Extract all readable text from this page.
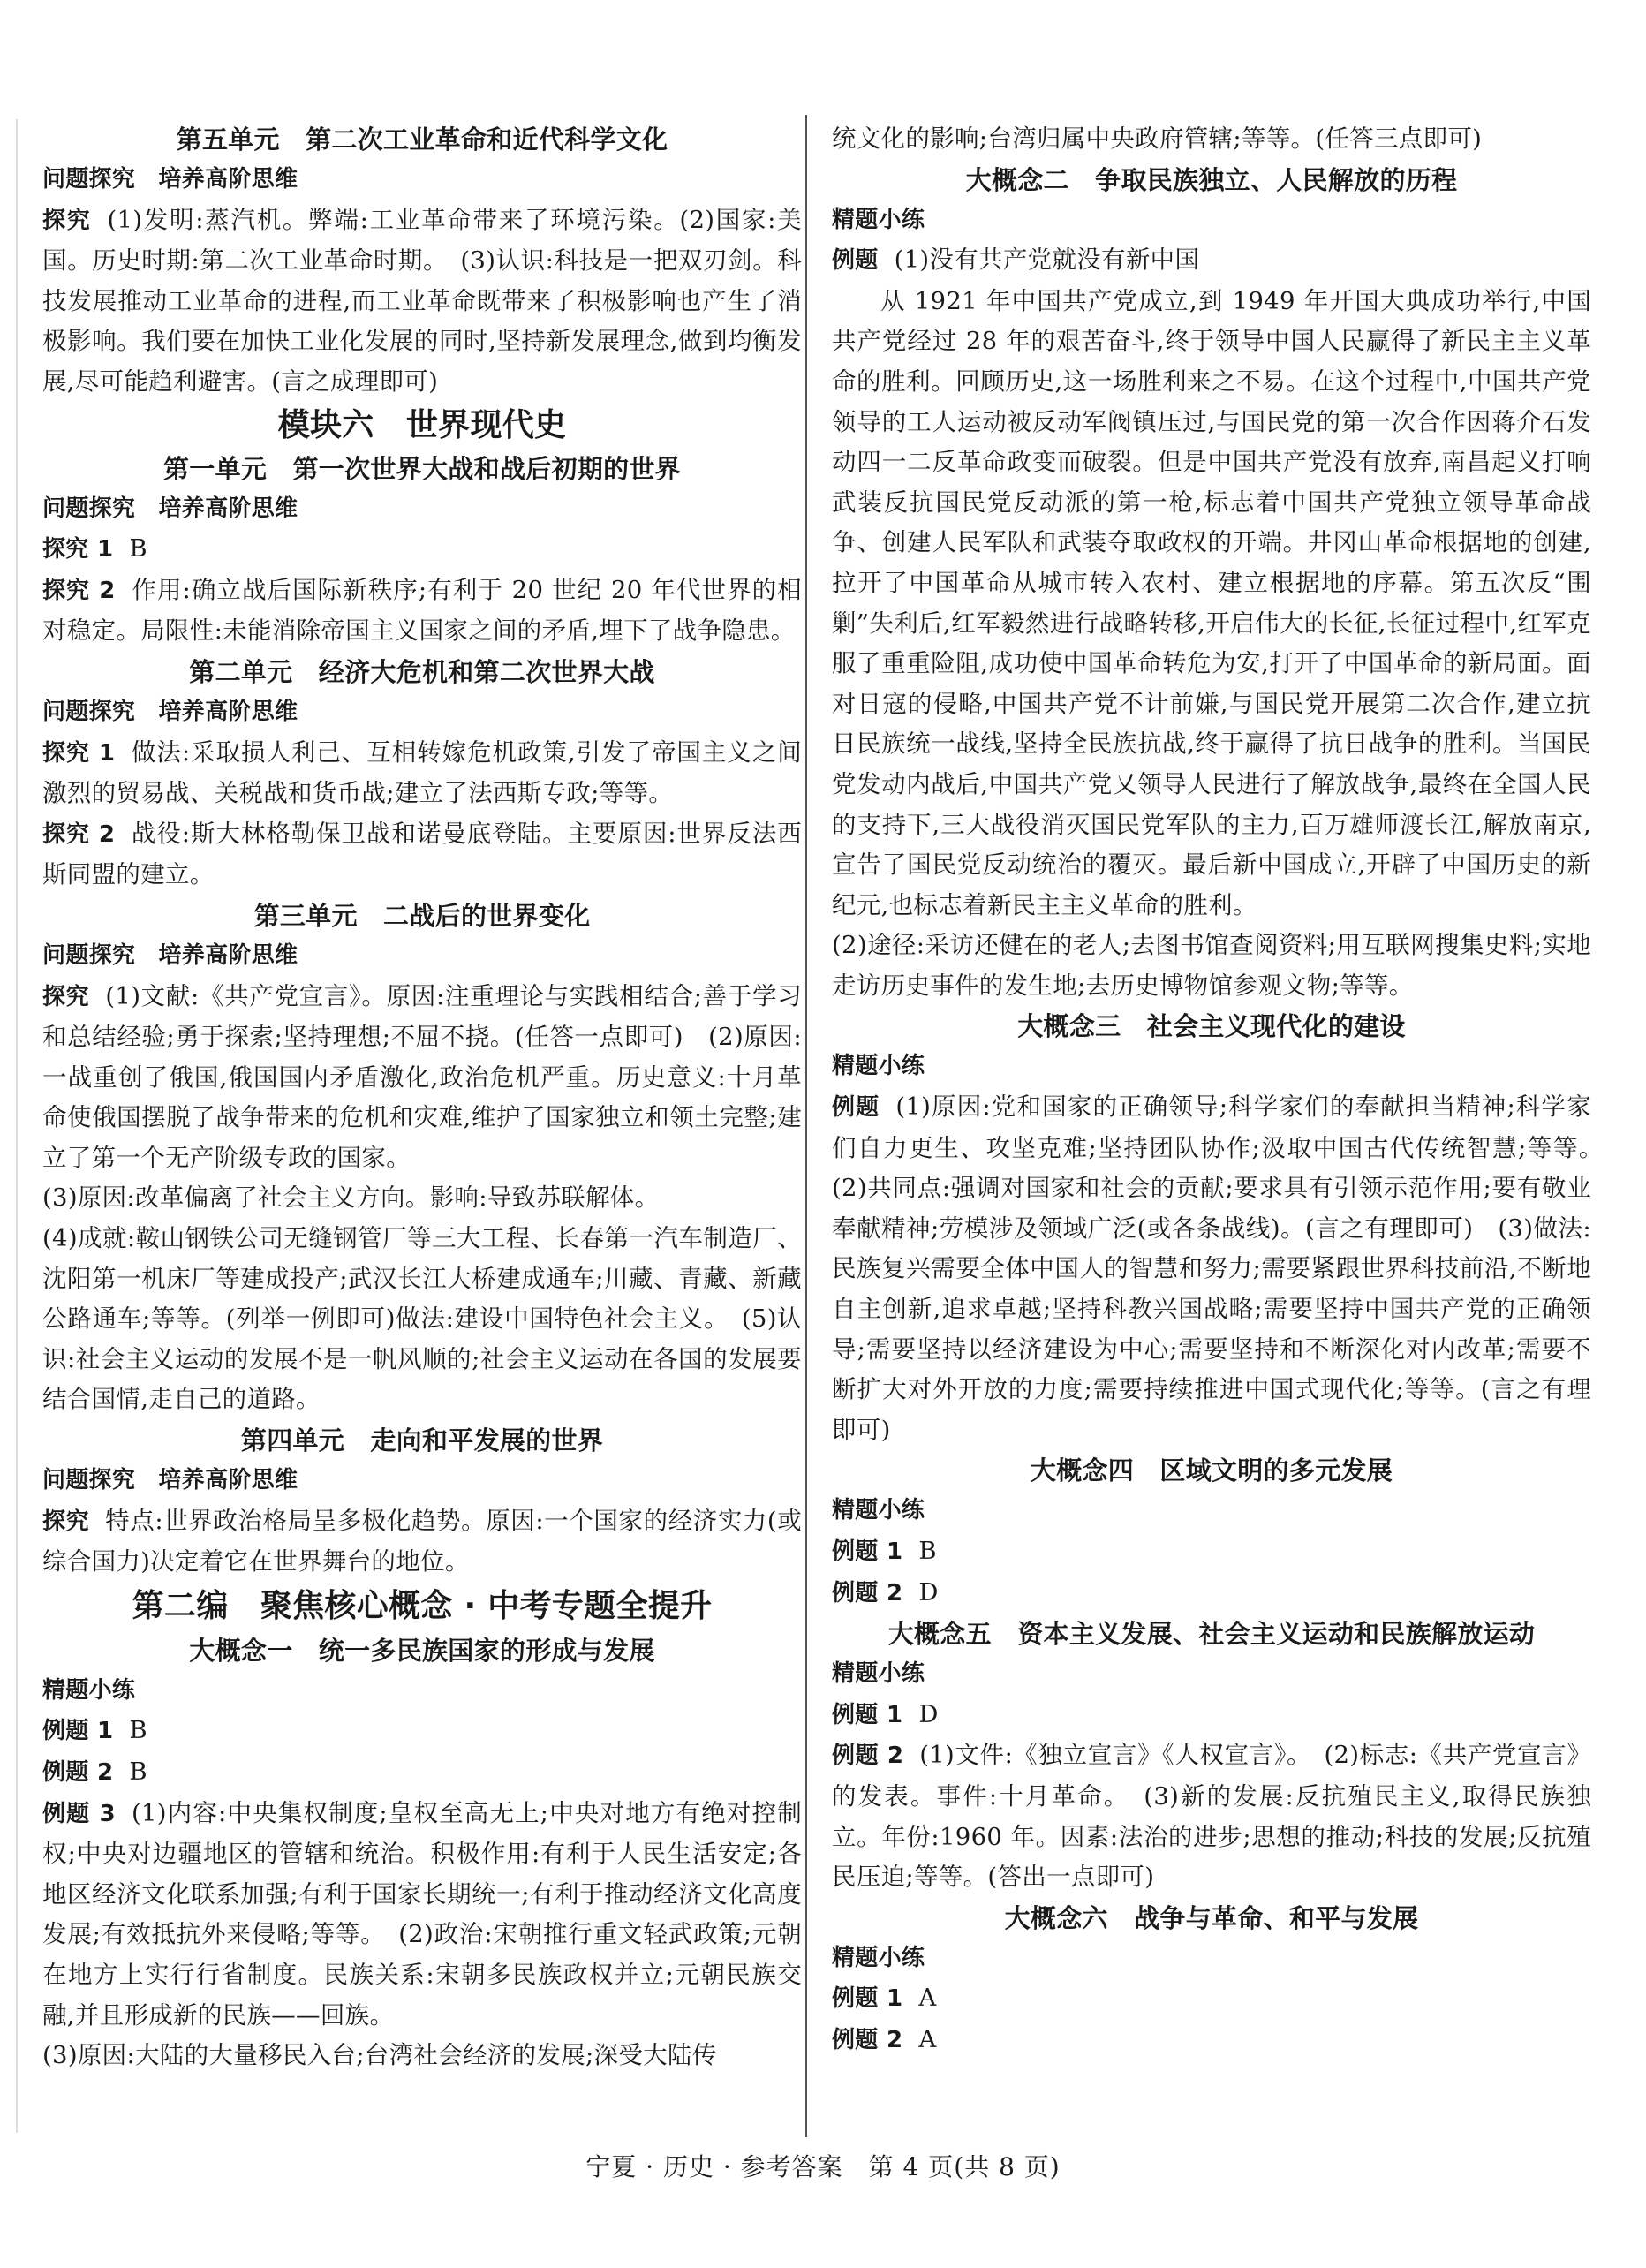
第五单元　第二次工业革命和近代科学文化
问题探究　培养高阶思维

探究 (1)发明:蒸汽机。弊端:工业革命带来了环境污染。(2)国家:美国。历史时期:第二次工业革命时期。　(3)认识:科技是一把双刃剑。科技发展推动工业革命的进程,而工业革命既带来了积极影响也产生了消极影响。我们要在加快工业化发展的同时,坚持新发展理念,做到均衡发展,尽可能趋利避害。(言之成理即可)

模块六　世界现代史
第一单元　第一次世界大战和战后初期的世界
问题探究　培养高阶思维

探究 1 B

探究 2 作用:确立战后国际新秩序;有利于 20 世纪 20 年代世界的相对稳定。局限性:未能消除帝国主义国家之间的矛盾,埋下了战争隐患。

第二单元　经济大危机和第二次世界大战
问题探究　培养高阶思维

探究 1 做法:采取损人利己、互相转嫁危机政策,引发了帝国主义之间激烈的贸易战、关税战和货币战;建立了法西斯专政;等等。

探究 2 战役:斯大林格勒保卫战和诺曼底登陆。主要原因:世界反法西斯同盟的建立。

第三单元　二战后的世界变化
问题探究　培养高阶思维

探究 (1)文献:《共产党宣言》。原因:注重理论与实践相结合;善于学习和总结经验;勇于探索;坚持理想;不屈不挠。(任答一点即可)　(2)原因:一战重创了俄国,俄国国内矛盾激化,政治危机严重。历史意义:十月革命使俄国摆脱了战争带来的危机和灾难,维护了国家独立和领土完整;建立了第一个无产阶级专政的国家。

(3)原因:改革偏离了社会主义方向。影响:导致苏联解体。

(4)成就:鞍山钢铁公司无缝钢管厂等三大工程、长春第一汽车制造厂、沈阳第一机床厂等建成投产;武汉长江大桥建成通车;川藏、青藏、新藏公路通车;等等。(列举一例即可)做法:建设中国特色社会主义。　(5)认识:社会主义运动的发展不是一帆风顺的;社会主义运动在各国的发展要结合国情,走自己的道路。

第四单元　走向和平发展的世界
问题探究　培养高阶思维

探究 特点:世界政治格局呈多极化趋势。原因:一个国家的经济实力(或综合国力)决定着它在世界舞台的地位。

第二编　聚焦核心概念 · 中考专题全提升
大概念一　统一多民族国家的形成与发展
精题小练

例题 1 B

例题 2 B

例题 3 (1)内容:中央集权制度;皇权至高无上;中央对地方有绝对控制权;中央对边疆地区的管辖和统治。积极作用:有利于人民生活安定;各地区经济文化联系加强;有利于国家长期统一;有利于推动经济文化高度发展;有效抵抗外来侵略;等等。　(2)政治:宋朝推行重文轻武政策;元朝在地方上实行行省制度。民族关系:宋朝多民族政权并立;元朝民族交融,并且形成新的民族——回族。

(3)原因:大陆的大量移民入台;台湾社会经济的发展;深受大陆传

统文化的影响;台湾归属中央政府管辖;等等。(任答三点即可)

大概念二　争取民族独立、人民解放的历程
精题小练

例题 (1)没有共产党就没有新中国

从 1921 年中国共产党成立,到 1949 年开国大典成功举行,中国共产党经过 28 年的艰苦奋斗,终于领导中国人民赢得了新民主主义革命的胜利。回顾历史,这一场胜利来之不易。在这个过程中,中国共产党领导的工人运动被反动军阀镇压过,与国民党的第一次合作因蒋介石发动四一二反革命政变而破裂。但是中国共产党没有放弃,南昌起义打响武装反抗国民党反动派的第一枪,标志着中国共产党独立领导革命战争、创建人民军队和武装夺取政权的开端。井冈山革命根据地的创建,拉开了中国革命从城市转入农村、建立根据地的序幕。第五次反“围剿”失利后,红军毅然进行战略转移,开启伟大的长征,长征过程中,红军克服了重重险阻,成功使中国革命转危为安,打开了中国革命的新局面。面对日寇的侵略,中国共产党不计前嫌,与国民党开展第二次合作,建立抗日民族统一战线,坚持全民族抗战,终于赢得了抗日战争的胜利。当国民党发动内战后,中国共产党又领导人民进行了解放战争,最终在全国人民的支持下,三大战役消灭国民党军队的主力,百万雄师渡长江,解放南京,宣告了国民党反动统治的覆灭。最后新中国成立,开辟了中国历史的新纪元,也标志着新民主主义革命的胜利。

(2)途径:采访还健在的老人;去图书馆查阅资料;用互联网搜集史料;实地走访历史事件的发生地;去历史博物馆参观文物;等等。

大概念三　社会主义现代化的建设
精题小练

例题 (1)原因:党和国家的正确领导;科学家们的奉献担当精神;科学家们自力更生、攻坚克难;坚持团队协作;汲取中国古代传统智慧;等等。　(2)共同点:强调对国家和社会的贡献;要求具有引领示范作用;要有敬业奉献精神;劳模涉及领域广泛(或各条战线)。(言之有理即可)　(3)做法:民族复兴需要全体中国人的智慧和努力;需要紧跟世界科技前沿,不断地自主创新,追求卓越;坚持科教兴国战略;需要坚持中国共产党的正确领导;需要坚持以经济建设为中心;需要坚持和不断深化对内改革;需要不断扩大对外开放的力度;需要持续推进中国式现代化;等等。(言之有理即可)

大概念四　区域文明的多元发展
精题小练

例题 1 B

例题 2 D

大概念五　资本主义发展、社会主义运动和民族解放运动
精题小练

例题 1 D

例题 2 (1)文件:《独立宣言》《人权宣言》。　(2)标志:《共产党宣言》的发表。事件:十月革命。　(3)新的发展:反抗殖民主义,取得民族独立。年份:1960 年。因素:法治的进步;思想的推动;科技的发展;反抗殖民压迫;等等。(答出一点即可)

大概念六　战争与革命、和平与发展
精题小练

例题 1 A

例题 2 A

宁夏 · 历史 · 参考答案　第 4 页(共 8 页)
